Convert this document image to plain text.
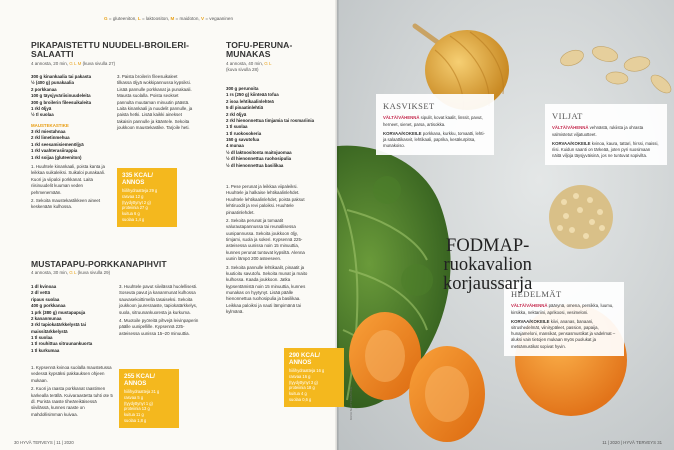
G = gluteeniton, L = laktoositon, M = maidoton, V = vegaaninen
PIKAPAISTETTU NUUDELI-BROILERI-
SALAATTI
4 annosta, 20 min, G L M (kuva sivulla 27)
300 g kinankaalia tai pakasta
½ (400 g) punakaalia
2 porkkanaa
100 g täysjyväriisinuudeleita
300 g broilerin fileesuikaleita
1 rkl öljyä
½ tl suolaa
MAUSTEKASTIKE
3 rkl miestahnaa
2 rkl limetinmehua
1 rkl seesamisiemenöljyä
1 rkl vaahterasiirappia
1 rkl soijaa (gluteeniton)

1. Huuhtele kinankaali, poista kanta ja leikkaa suikaleiksi. Suikaloi punakaali. Kuori ja viipaloi porkkanat. Laita riisinuudelit kuuman veden pehmenemään.

2. Sekoita maustekastikkeen aineet keskenään kulhossa.

3. Paista broilerin fileesuikaleet tilkassa öljyä wokkipannussa kypsiksi. Lisää pannulle porkkanat ja punakaali. Mausta suolalla. Poista seokset pannulta muutaman minuutin päästä. Laita kinankaali ja nuudelit pannulle, ja paista hetki. Lisää kaikki ainekset takaisin pannulle ja kääntele. Sekoita joukkoon maustekastike. Tarjoile heti.

335 KCAL/ ANNOS
hiilihydraatteja 29 g
rasvaa 12 g
(tyydyttynyt 2 g)
proteiinia 27 g
kuitua 6 g
suolaa 1,4 g
TOFU-PERUNA-
MUNAKAS
4 annosta, 40 min, G L
(kuva sivulla 28)
300 g perunoita
1 rs (250 g) kiinteää tofua
2 isoa lehtikaalinlehteä
5 dl pinaatinlehtiä
2 rkl öljyä
2 rkl hienonnettua timjamia tai rosmariinia
1 tl suolaa
1 tl ruokosokeria
150 g savutofua
4 munaa
½ dl laktoositonta maitojuomaa
½ dl hienonnettua ruohosipulia
½ dl hienonnettua basilikaa

1. Pese perunat ja leikkaa viipaleiksi. Huuhtele ja halkaise lehtikaalinlehdet. Huuhtele lehtikaalinlehdet, poista paksut lehtiruodit ja revi paloiksi. Huuhtele pinaatinlehdet.

2. Sekoita perunat ja tomaatit valurautapannussa tai reunallisessa uunipannussa. Sekoita joukkoon öljy, timjami, suola ja sokeri. Kypsennä 225-asteisessa uunissa noin 15 minuuttia, kunnes perunat tuntuvat kypsiltä. Alenna uunin lämpö 200 asteeseen.

3. Sekoita pannulle lehtikaalit, pinaatit ja kuutioitu savutofu. Sekoita munat ja maito kulhossa. Kaada joukkoon. Jatka kypsentämistä noin 15 minuuttia, kunnes munakas on hyytynyt. Lisää päälle hienonnettua ruohosipulia ja basilikaa. Leikkaa paloiksi ja nauti lämpimänä tai kylmänä.

290 KCAL/ ANNOS
hiilihydraatteja 16 g
rasvaa 16 g
(tyydyttynyt 3 g)
proteiinia 18 g
kuitua 4 g
suolaa 0,6 g
MUSTAPAPU-PORKKANAPIHVIT
4 annosta, 30 min, G L (kuva sivulla 29)
1 dl kvinoaa
2 dl vettä
ripaus suolaa
400 g porkkanaa
1 prk (380 g) mustapapuja
2 kananmunaa
3 rkl tapiokatärkkelystä tai maissitärkkelystä
1 tl suolaa
1 tl rouhittua sitruunankuorta
1 tl kurkumaa

1. Kypsennä kvinoa suolalla maustetussa vedessä kypsäksi pakkauksen ohjeen mukaan.

2. Kuori ja raasta porkkanat raastimen karkealla terällä. Kuivaraastetta tuhti ote 5 dl. Purista raaste tiheäreikäisessä siivilässä, kunnes raaste on mahdollisimman kuivaa.

3. Huuhtele pavut siivilässä huolellisesti. Soseuta pavut ja kananmunat kulhossa sauvasekoittimella tasaiseksi. Sekoita joukkoon juuresraaste, tapiokatärkkelys, suola, sitruunankuoresta ja kurkuma.

4. Muotoile pyöreitä pihvejä leivinpaperin päälle uunipellille. Kypsennä 225-asteisessa uunissa 15–20 minuuttia.

255 KCAL/ ANNOS
hiilihydraatteja 31 g
rasvaa 5 g
(tyydyttynyt 1 g)
proteiinia 13 g
kuitua 11 g
suolaa 1,8 g
30 HYVÄ TERVEYS | 11 | 2020
KASVIKSET
VÄLTÄ/VÄHENNÄ sipulit, kovat kaalit, linssit, pavut, herneet, sienet, parsa, artisokka.
KORVAA/KOKEILE porkkana, kurkku, tomaatti, lehti- ja salaattikasvit, lehtikaali, paprika, kesäkurpitsa, munakoiso.
VILJAT
VÄLTÄ/VÄHENNÄ vehnästä, rukiista ja ohrasta valmistetut viljatuotteet.
KORVAA/KOKEILE kvinoa, kaura, tattari, hirssi, maissi, riisi. Kuidun saanti on tärkeää, joten pyri suosimaan näitä viljoja täysjyväisinä, jos ne tuntuvat sopivilta.
HEDELMÄT
VÄLTÄ/VÄHENNÄ päärynä, omena, persikka, luumu, kirsikka, nektariini, aprikoosi, vesimeloni.
KORVAA/KOKEILE kiivi, ananas, banaani, sitrushedelmät, viinirypäleet, passion, papaija, hunajameloni, mansikat, pensasmustikat ja vadelmat – aluksi vain tietojen mukaan myös puolukat ja metsämustikat sopivat hyvin.
FODMAP-
ruokavalion
korjaussarja
KUVA SHUTTERSTOCK
11 | 2020 | HYVÄ TERVEYS 31
